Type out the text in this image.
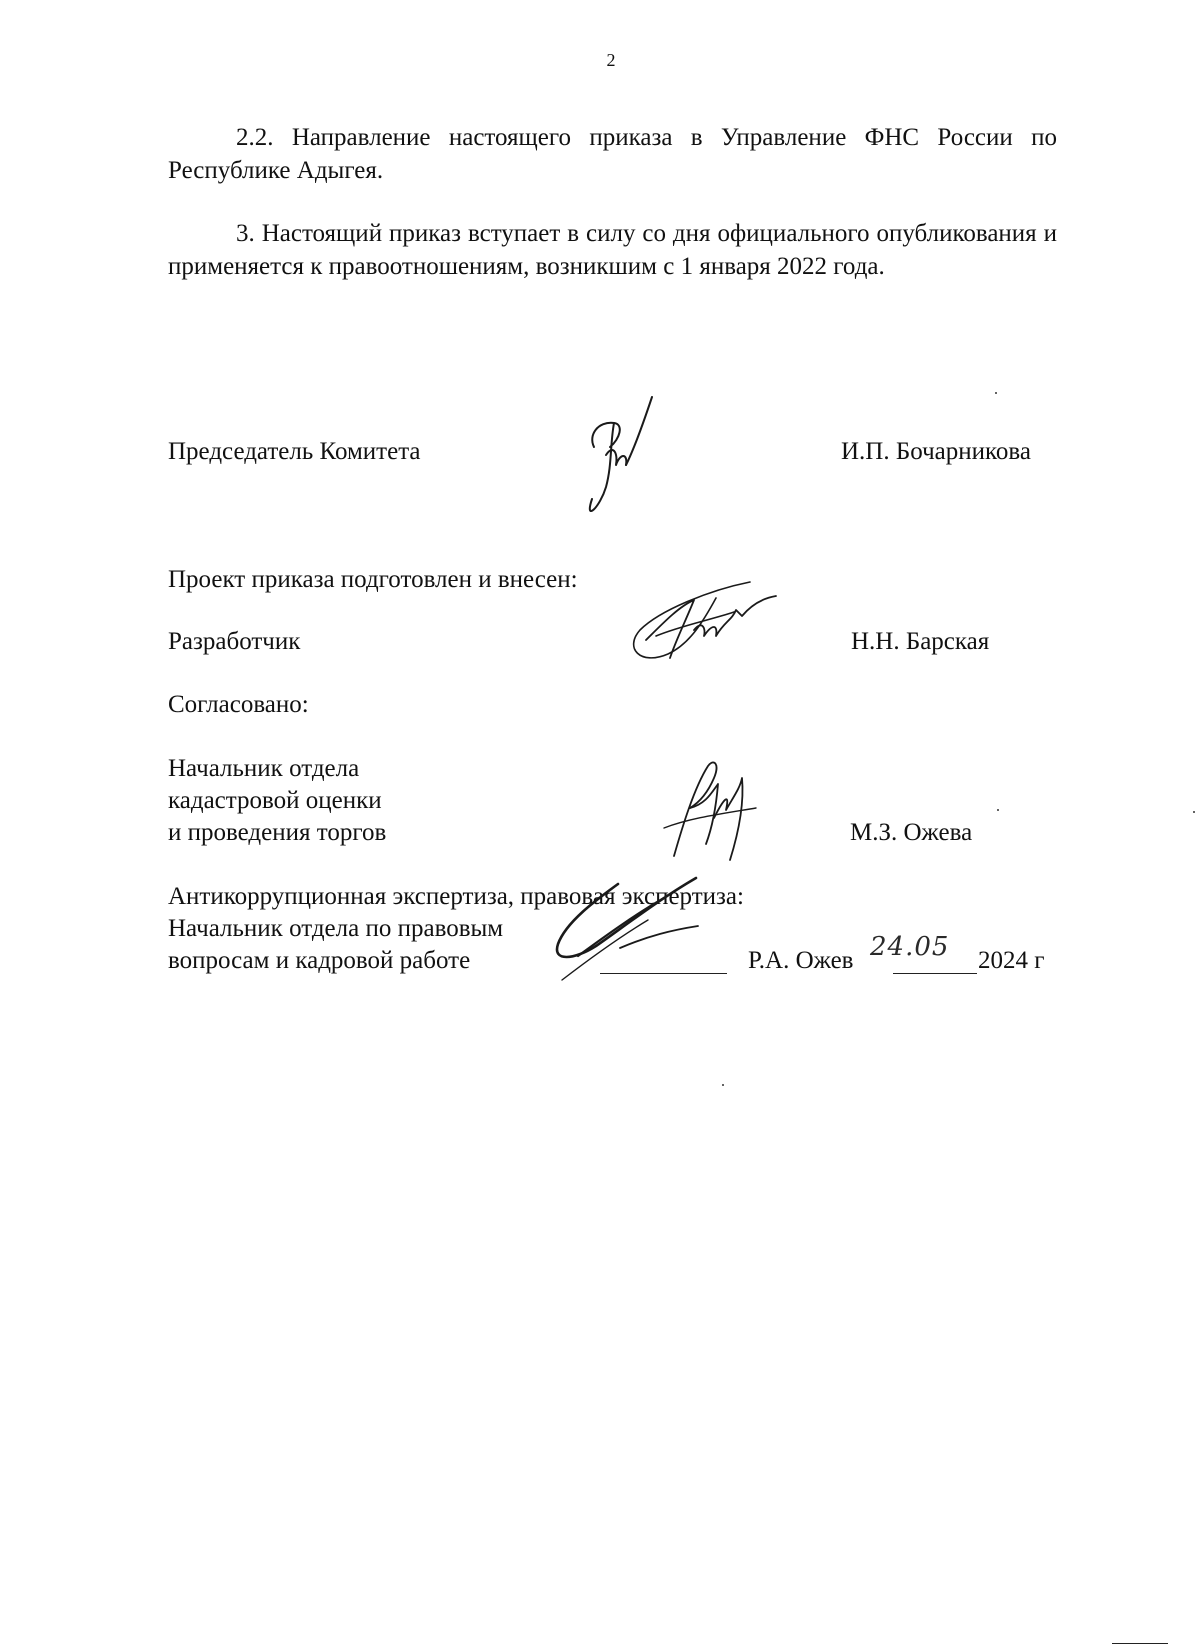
2
2.2. Направление настоящего приказа в Управление ФНС России по Республике Адыгея.
3. Настоящий приказ вступает в силу со дня официального опубликования и применяется к правоотношениям, возникшим с 1 января 2022 года.
Председатель Комитета	И.П. Бочарникова
Проект приказа подготовлен и внесен:
Разработчик	Н.Н. Барская
Согласовано:
Начальник отдела
кадастровой оценки
и проведения торгов	М.З. Ожева
Антикоррупционная экспертиза, правовая экспертиза:
Начальник отдела по правовым
вопросам и кадровой работе	Р.А. Ожев 24.05 2024 г
